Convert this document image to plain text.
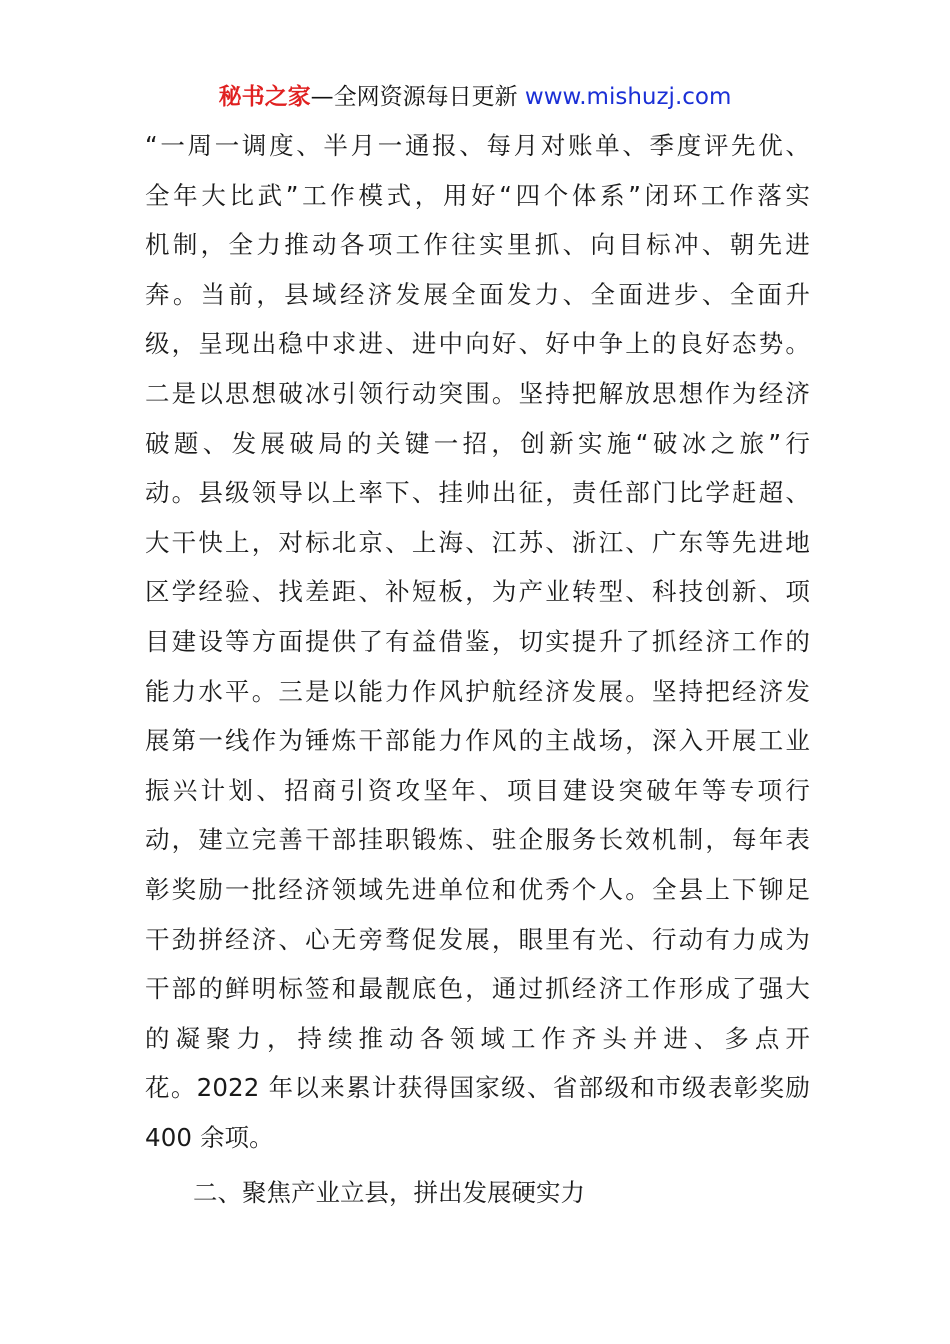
秘书之家—全网资源每日更新 www.mishuzj.com
“一周一调度、半月一通报、每月对账单、季度评先优、
全年大比武”工作模式，用好“四个体系”闭环工作落实
机制，全力推动各项工作往实里抓、向目标冲、朝先进
奔。当前，县域经济发展全面发力、全面进步、全面升
级，呈现出稳中求进、进中向好、好中争上的良好态势。
二是以思想破冰引领行动突围。坚持把解放思想作为经济
破题、发展破局的关键一招，创新实施“破冰之旅”行
动。县级领导以上率下、挂帅出征，责任部门比学赶超、
大干快上，对标北京、上海、江苏、浙江、广东等先进地
区学经验、找差距、补短板，为产业转型、科技创新、项
目建设等方面提供了有益借鉴，切实提升了抓经济工作的
能力水平。三是以能力作风护航经济发展。坚持把经济发
展第一线作为锤炼干部能力作风的主战场，深入开展工业
振兴计划、招商引资攻坚年、项目建设突破年等专项行
动，建立完善干部挂职锻炼、驻企服务长效机制，每年表
彰奖励一批经济领域先进单位和优秀个人。全县上下铆足
干劲拼经济、心无旁骛促发展，眼里有光、行动有力成为
干部的鲜明标签和最靓底色，通过抓经济工作形成了强大
的凝聚力，持续推动各领域工作齐头并进、多点开
花。2022 年以来累计获得国家级、省部级和市级表彰奖励
400 余项。
二、聚焦产业立县，拼出发展硬实力
